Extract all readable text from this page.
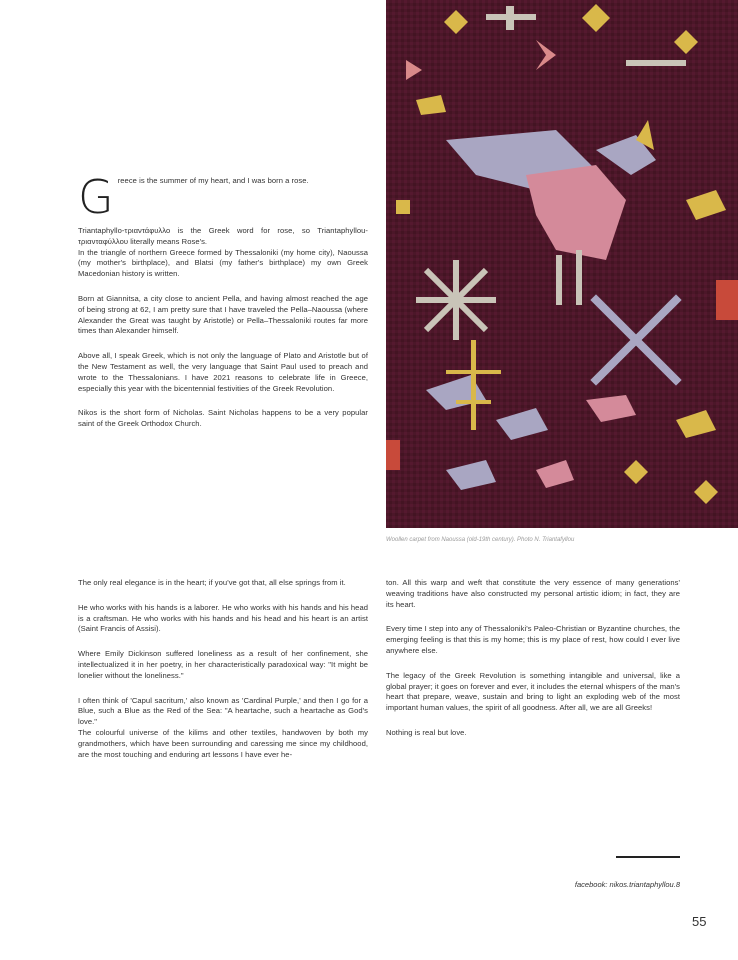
Woollen carpet from Naoussa (old-19th century). Photo N. Triantafyllou

G reece is the summer of my heart, and I was born a rose.

Triantaphyllo-τριαντάφυλλο is the Greek word for rose, so Triantaphyllou-τριανταφύλλου literally means Rose's.

In the triangle of northern Greece formed by Thessaloniki (my home city), Naoussa (my mother's birthplace), and Blatsi (my father's birthplace) my own Greek Macedonian history is written.

Born at Giannitsa, a city close to ancient Pella, and having almost reached the age of being strong at 62, I am pretty sure that I have traveled the Pella–Naoussa (where Alexander the Great was taught by Aristotle) or Pella–Thessaloniki routes far more times than Alexander himself.

Above all, I speak Greek, which is not only the language of Plato and Aristotle but of the New Testament as well, the very language that Saint Paul used to preach and wrote to the Thessalonians. I have 2021 reasons to celebrate life in Greece, especially this year with the bicentennial festivities of the Greek Revolution.

Nikos is the short form of Nicholas. Saint Nicholas happens to be a very popular saint of the Greek Orthodox Church.

The only real elegance is in the heart; if you've got that, all else springs from it.

He who works with his hands is a laborer. He who works with his hands and his head is a craftsman. He who works with his hands and his head and his heart is an artist (Saint Francis of Assisi).

Where Emily Dickinson suffered loneliness as a result of her confinement, she intellectualized it in her poetry, in her characteristically paradoxical way: "It might be lonelier without the loneliness."

I often think of 'Capul sacritum,' also known as 'Cardinal Purple,' and then I go for a Blue, such a Blue as the Red of the Sea: "A heartache, such a heartache as God's love."

The colourful universe of the kilims and other textiles, handwoven by both my grandmothers, which have been surrounding and caressing me since my childhood, are the most touching and enduring art lessons I have ever he-

ton. All this warp and weft that constitute the very essence of many generations' weaving traditions have also constructed my personal artistic idiom; in fact, they are its heart.

Every time I step into any of Thessaloniki's Paleo-Christian or Byzantine churches, the emerging feeling is that this is my home; this is my place of rest, how could I ever live anywhere else.

The legacy of the Greek Revolution is something intangible and universal, like a global prayer; it goes on forever and ever, it includes the eternal whispers of the man's heart that prepare, weave, sustain and bring to light an exploding web of the most important human values, the spirit of all goodness. After all, we are all Greeks!

Nothing is real but love.

facebook: nikos.triantaphyllou.8
55
